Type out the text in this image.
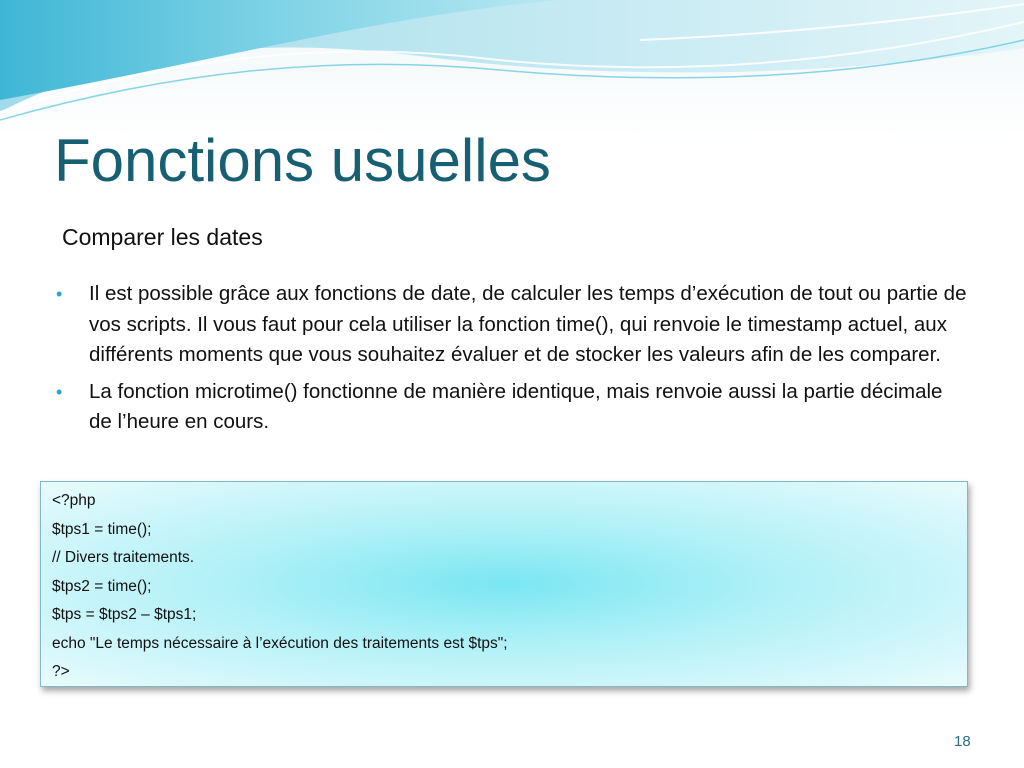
Fonctions usuelles
Comparer les dates
• Il est possible grâce aux fonctions de date, de calculer les temps d’exécution de tout ou partie de vos scripts. Il vous faut pour cela utiliser la fonction time(), qui renvoie le timestamp actuel, aux différents moments que vous souhaitez évaluer et de stocker les valeurs afin de les comparer.
• La fonction microtime() fonctionne de manière identique, mais renvoie aussi la partie décimale de l’heure en cours.
<?php
$tps1 = time();
// Divers traitements.
$tps2 = time();
$tps = $tps2 – $tps1;
echo "Le temps nécessaire à l’exécution des traitements est $tps";
?>
18
